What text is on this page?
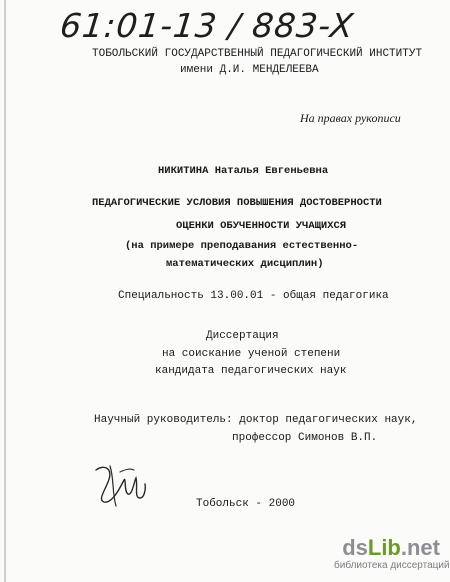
61:01-13 / 883-X
ТОБОЛЬСКИЙ ГОСУДАРСТВЕННЫЙ ПЕДАГОГИЧЕСКИЙ ИНСТИТУТ
имени Д.И. МЕНДЕЛЕЕВА
На правах рукописи
НИКИТИНА Наталья Евгеньевна
ПЕДАГОГИЧЕСКИЕ УСЛОВИЯ ПОВЫШЕНИЯ ДОСТОВЕРНОСТИ
ОЦЕНКИ ОБУЧЕННОСТИ УЧАЩИХСЯ
(на примере преподавания естественно-
математических дисциплин)
Специальность 13.00.01 - общая педагогика
Диссертация
на соискание ученой степени
кандидата педагогических наук
Научный руководитель: доктор педагогических наук,
профессор Симонов В.П.
Тобольск - 2000
dsLib.net
библиотека диссертаций
